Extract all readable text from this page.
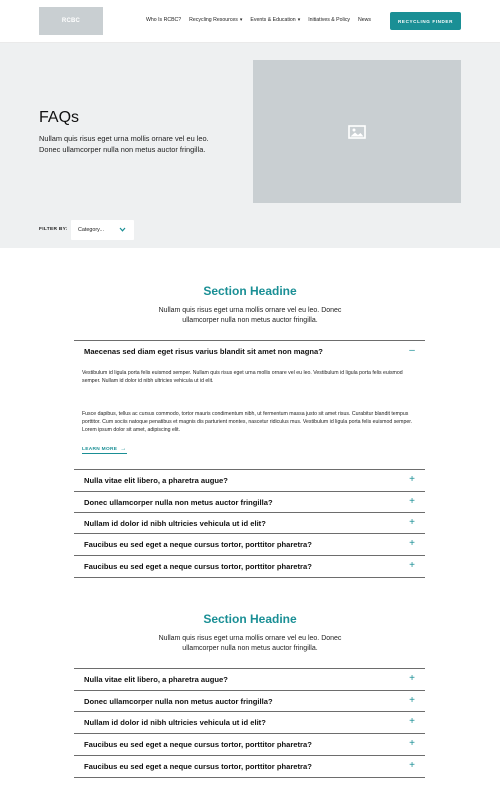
RCBC	Who Is RCBC? Recycling Resources ▾ Events & Education ▾ Initiatives & Policy News	RECYCLING FINDER
FAQs
Nullam quis risus eget urna mollis ornare vel eu leo. Donec ullamcorper nulla non metus auctor fringilla.
FILTER BY: Category...
Section Headine
Nullam quis risus eget urna mollis ornare vel eu leo. Donec ullamcorper nulla non metus auctor fringilla.
Maecenas sed diam eget risus varius blandit sit amet non magna?	–
Vestibulum id ligula porta felis euismod semper. Nullam quis risus eget urna mollis ornare vel eu leo. Vestibulum id ligula porta felis euismod semper. Nullam id dolor id nibh ultricies vehicula ut id elit.
Fusce dapibus, tellus ac cursus commodo, tortor mauris condimentum nibh, ut fermentum massa justo sit amet risus. Curabitur blandit tempus porttitor. Cum sociis natoque penatibus et magnis dis parturient montes, nascetur ridiculus mus. Vestibulum id ligula porta felis euismod semper. Lorem ipsum dolor sit amet, adipiscing elit.
LEARN MORE →
Nulla vitae elit libero, a pharetra augue?	+
Donec ullamcorper nulla non metus auctor fringilla?	+
Nullam id dolor id nibh ultricies vehicula ut id elit?	+
Faucibus eu sed eget a neque cursus tortor, porttitor pharetra?	+
Faucibus eu sed eget a neque cursus tortor, porttitor pharetra?	+
Section Headine
Nullam quis risus eget urna mollis ornare vel eu leo. Donec ullamcorper nulla non metus auctor fringilla.
Nulla vitae elit libero, a pharetra augue?	+
Donec ullamcorper nulla non metus auctor fringilla?	+
Nullam id dolor id nibh ultricies vehicula ut id elit?	+
Faucibus eu sed eget a neque cursus tortor, porttitor pharetra?	+
Faucibus eu sed eget a neque cursus tortor, porttitor pharetra?	+
